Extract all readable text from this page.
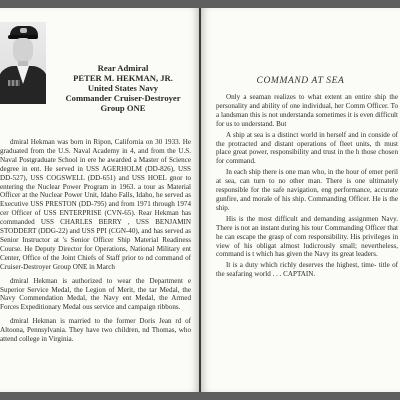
Rear Admiral
PETER M. HEKMAN, JR.
United States Navy
Commander Cruiser-Destroyer
Group ONE

dmiral Hekman was born in Ripon, California on 30 1933. He graduated from the U.S. Naval Academy in 4, and from the U.S. Naval Postgraduate School in ere he awarded a Master of Science degree in ent. He served in USS AGERHOLM (DD-826), USS DD-527), USS COGSWELL (DD-651) and USS HOEL gnor to entering the Nuclear Power Program in 1963. a tour as Material Officer at the Nuclear Power Unit, Idaho Falls, Idaho, he served as Executive USS PRESTON (DD-795) and from 1971 through 1974 cer Officer of USS ENTERPRISE (CVN-65). Rear Hekman has commanded USS CHARLES BERRY , USS BENJAMIN STODDERT (DDG-22) and USS PPI (CGN-40), and has served as Senior Instructor at 's Senior Officer Ship Material Readiness Course. He Deputy Director for Operations, National Military ent Center, Office of the Joint Chiefs of Staff prior to nd command of Cruiser-Destroyer Group ONE in March

dmiral Hekman is authorized to wear the Department e Superior Service Medal, the Legion of Merit, the tar Medal, the Navy Commendation Medal, the Navy ent Medal, the Armed Forces Expeditionary Medal ous service and campaign ribbons.

dmiral Hekman is married to the former Doris Jean rd of Altoona, Pennsylvania. They have two children, nd Thomas, who attend college in Virginia.

COMMAND AT SEA

Only a seaman realizes to what extent an entire ship the personality and ability of one individual, her Comm Officer. To a landsman this is not understanda sometimes it is even difficult for us to understand. But

A ship at sea is a distinct world in herself and in conside of the protracted and distant operations of fleet units, th must place great power, responsibility and trust in the h those chosen for command.

In each ship there is one man who, in the hour of emer peril at sea, can turn to no other man. There is one ultimately responsible for the safe navigation, eng performance, accurate gunfire, and morale of his ship. Commanding Officer. He is the ship.

His is the most difficult and demanding assignmen Navy. There is not an instant during his tour Commanding Officer that he can escape the grasp of com responsibility. His privileges in view of his obligat almost ludicrously small; nevertheless, command is t which has given the Navy its great leaders.

It is a duty which richly deserves the highest, time- title of the seafaring world . . . CAPTAIN.
